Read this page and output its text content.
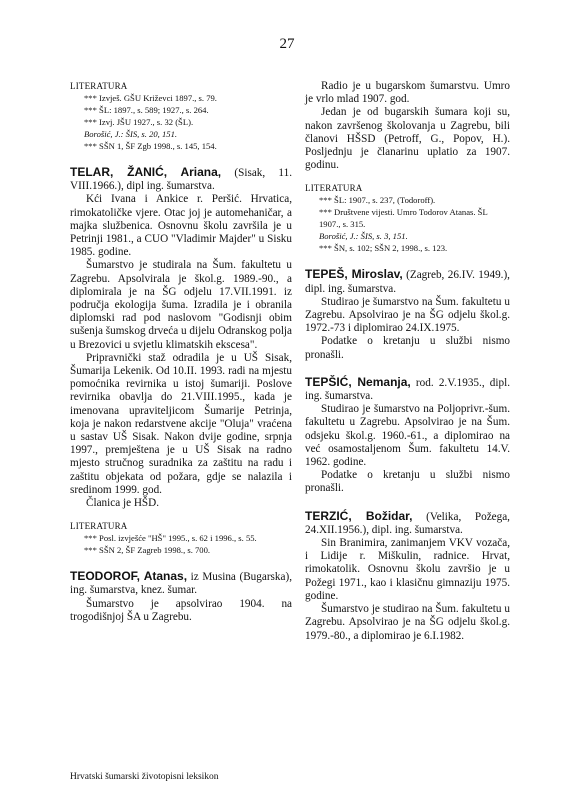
27

LITERATURA

*** Izvješ. GŠU Križevci 1897., s. 79.

*** ŠL: 1897., s. 589; 1927., s. 264.

*** Izvj. JŠU 1927., s. 32 (ŠL).

Borošić, J.: ŠIS, s. 20, 151.

*** SŠN 1, ŠF Zgb 1998., s. 145, 154.

TELAR, ŽANIĆ, Ariana, (Sisak, 11. VIII.1966.), dipl ing. šumarstva.

Kći Ivana i Ankice r. Peršić. Hrvatica, rimokatoličke vjere. Otac joj je automehaničar, a majka službenica. Osnovnu školu završila je u Petrinji 1981., a CUO "Vladimir Majder" u Sisku 1985. godine.

Šumarstvo je studirala na Šum. fakultetu u Zagrebu. Apsolvirala je škol.g. 1989.-90., a diplomirala je na ŠG odjelu 17.VII.1991. iz područja ekologija šuma. Izradila je i obranila diplomski rad pod naslovom "Godisnji obim sušenja šumskog drveća u dijelu Odranskog polja u Brezovici u svjetlu klimatskih ekscesa".

Pripravnički staž odradila je u UŠ Sisak, Šumarija Lekenik. Od 10.II. 1993. radi na mjestu pomoćnika revirnika u istoj šumariji. Poslove revirnika obavlja do 21.VIII.1995., kada je imenovana upraviteljicom Šumarije Petrinja, koja je nakon redarstvene akcije "Oluja" vraćena u sastav UŠ Sisak. Nakon dvije godine, srpnja 1997., premještena je u UŠ Sisak na radno mjesto stručnog suradnika za zaštitu na radu i zaštitu objekata od požara, gdje se nalazila i sredinom 1999. god.

Članica je HŠD.

LITERATURA

*** Posl. izvješće "HŠ" 1995., s. 62 i 1996., s. 55.

*** SŠN 2, ŠF Zagreb 1998., s. 700.

TEODOROF, Atanas, iz Musina (Bugarska), ing. šumarstva, knez. šumar.

Šumarstvo je apsolvirao 1904. na trogodišnjoj ŠA u Zagrebu.

Radio je u bugarskom šumarstvu. Umro je vrlo mlad 1907. god.

Jedan je od bugarskih šumara koji su, nakon završenog školovanja u Zagrebu, bili članovi HŠSD (Petroff, G., Popov, H.). Posljednju je članarinu uplatio za 1907. godinu.

LITERATURA

*** ŠL: 1907., s. 237, (Todoroff).

*** Društvene vijesti. Umro Todorov Atanas. ŠL 1907., s. 315.

Borošić, J.: ŠIS, s. 3, 151.

*** ŠN, s. 102; SŠN 2, 1998., s. 123.

TEPEŠ, Miroslav, (Zagreb, 26.IV. 1949.), dipl. ing. šumarstva.

Studirao je šumarstvo na Šum. fakultetu u Zagrebu. Apsolvirao je na ŠG odjelu škol.g. 1972.-73 i diplomirao 24.IX.1975.

Podatke o kretanju u službi nismo pronašli.

TEPŠIĆ, Nemanja, rod. 2.V.1935., dipl. ing. šumarstva.

Studirao je šumarstvo na Poljoprivr.-šum. fakultetu u Zagrebu. Apsolvirao je na Šum. odsjeku škol.g. 1960.-61., a diplomirao na već osamostaljenom Šum. fakultetu 14.V. 1962. godine.

Podatke o kretanju u službi nismo pronašli.

TERZIĆ, Božidar, (Velika, Požega, 24.XII.1956.), dipl. ing. šumarstva.

Sin Branimira, zanimanjem VKV vozača, i Lidije r. Miškulin, radnice. Hrvat, rimokatolik. Osnovnu školu završio je u Požegi 1971., kao i klasičnu gimnaziju 1975. godine.

Šumarstvo je studirao na Šum. fakultetu u Zagrebu. Apsolvirao je na ŠG odjelu škol.g. 1979.-80., a diplomirao je 6.I.1982.

Hrvatski šumarski životopisni leksikon
